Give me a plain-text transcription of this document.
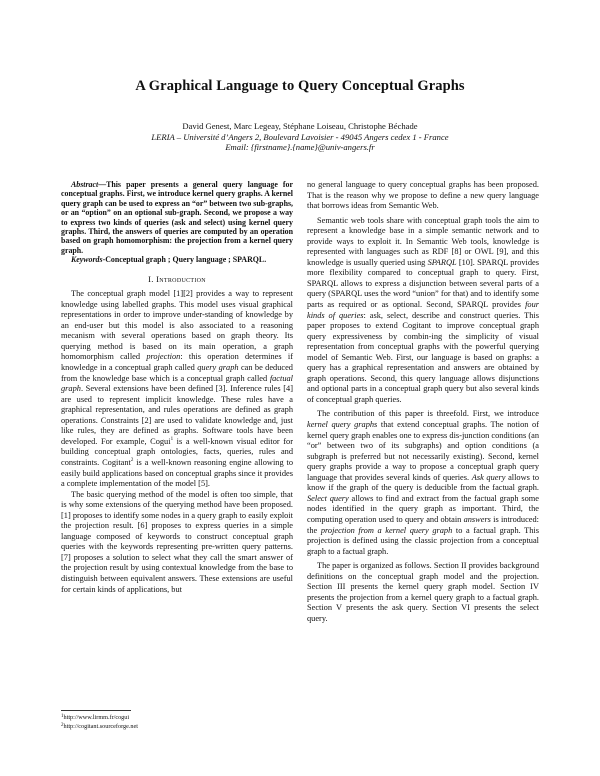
A Graphical Language to Query Conceptual Graphs
David Genest, Marc Legeay, Stéphane Loiseau, Christophe Béchade
LERIA – Université d’Angers 2, Boulevard Lavoisier - 49045 Angers cedex 1 - France
Email: {firstname}.{name}@univ-angers.fr

Abstract—This paper presents a general query language for conceptual graphs. First, we introduce kernel query graphs. A kernel query graph can be used to express an “or” between two sub-graphs, or an “option” on an optional sub-graph. Second, we propose a way to express two kinds of queries (ask and select) using kernel query graphs. Third, the answers of queries are computed by an operation based on graph homomorphism: the projection from a kernel query graph.

Keywords-Conceptual graph ; Query language ; SPARQL.

I. Introduction

The conceptual graph model [1][2] provides a way to represent knowledge using labelled graphs. This model uses visual graphical representations in order to improve under-standing of knowledge by an end-user but this model is also associated to a reasoning mecanism with several operations based on graph theory. Its querying method is based on its main operation, a graph homomorphism called projection: this operation determines if knowledge in a conceptual graph called query graph can be deduced from the knowledge base which is a conceptual graph called factual graph. Several extensions have been defined [3]. Inference rules [4] are used to represent implicit knowledge. These rules have a graphical representation, and rules operations are defined as graph operations. Constraints [2] are used to validate knowledge and, just like rules, they are defined as graphs. Software tools have been developed. For example, Cogui$^1$ is a well-known visual editor for building conceptual graph ontologies, facts, queries, rules and constraints. Cogitant$^2$ is a well-known reasoning engine allowing to easily build applications based on conceptual graphs since it provides a complete implementation of the model [5].

The basic querying method of the model is often too simple, that is why some extensions of the querying method have been proposed. [1] proposes to identify some nodes in a query graph to easily exploit the projection result. [6] proposes to express queries in a simple language composed of keywords to construct conceptual graph queries with the keywords representing pre-written query patterns. [7] proposes a solution to select what they call the smart answer of the projection result by using contextual knowledge from the base to distinguish between equivalent answers. These extensions are useful for certain kinds of applications, but

$^1$http://www.lirmm.fr/cogui
$^2$http://cogitant.sourceforge.net

no general language to query conceptual graphs has been proposed. That is the reason why we propose to define a new query language that borrows ideas from Semantic Web.

Semantic web tools share with conceptual graph tools the aim to represent a knowledge base in a simple semantic network and to provide ways to exploit it. In Semantic Web tools, knowledge is represented with languages such as RDF [8] or OWL [9], and this knowledge is usually queried using SPARQL [10]. SPARQL provides more flexibility compared to conceptual graph to query. First, SPARQL allows to express a disjunction between several parts of a query (SPARQL uses the word “union” for that) and to identify some parts as required or as optional. Second, SPARQL provides four kinds of queries: ask, select, describe and construct queries. This paper proposes to extend Cogitant to improve conceptual graph query expressiveness by combin-ing the simplicity of visual representation from conceptual graphs with the powerful querying model of Semantic Web. First, our language is based on graphs: a query has a graphical representation and answers are obtained by graph operations. Second, this query language allows disjunctions and optional parts in a conceptual graph query but also several kinds of conceptual graph queries.

The contribution of this paper is threefold. First, we introduce kernel query graphs that extend conceptual graphs. The notion of kernel query graph enables one to express dis-junction conditions (an “or” between two of its subgraphs) and option conditions (a subgraph is preferred but not necessarily existing). Second, kernel query graphs provide a way to propose a conceptual graph query language that provides several kinds of queries. Ask query allows to know if the graph of the query is deducible from the factual graph. Select query allows to find and extract from the factual graph some nodes identified in the query graph as important. Third, the computing operation used to query and obtain answers is introduced: the projection from a kernel query graph to a factual graph. This projection is defined using the classic projection from a conceptual graph to a factual graph.

The paper is organized as follows. Section II provides background definitions on the conceptual graph model and the projection. Section III presents the kernel query graph model. Section IV presents the projection from a kernel query graph to a factual graph. Section V presents the ask query. Section VI presents the select query.
